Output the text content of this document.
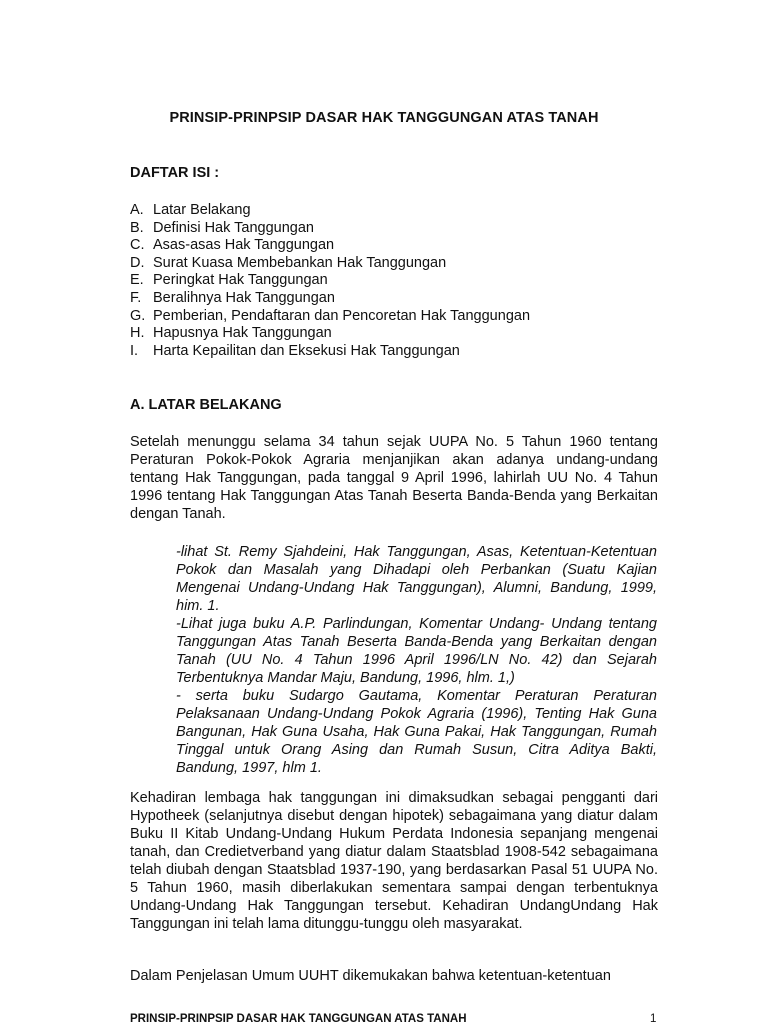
PRINSIP-PRINPSIP DASAR HAK TANGGUNGAN ATAS TANAH
DAFTAR ISI :
A. Latar Belakang
B. Definisi Hak Tanggungan
C. Asas-asas Hak Tanggungan
D. Surat Kuasa Membebankan Hak Tanggungan
E. Peringkat Hak Tanggungan
F. Beralihnya Hak Tanggungan
G. Pemberian, Pendaftaran dan Pencoretan Hak Tanggungan
H. Hapusnya Hak Tanggungan
I.	Harta Kepailitan dan Eksekusi Hak Tanggungan
A. LATAR BELAKANG

Setelah menunggu selama 34 tahun sejak UUPA No. 5 Tahun 1960 tentang Peraturan Pokok-Pokok Agraria menjanjikan akan adanya undang-undang tentang Hak Tanggungan, pada tanggal 9 April 1996, lahirlah UU No. 4 Tahun 1996 tentang Hak Tanggungan Atas Tanah Beserta Banda-Benda yang Berkaitan dengan Tanah.

-lihat St. Remy Sjahdeini, Hak Tanggungan, Asas, Ketentuan-Ketentuan Pokok dan Masalah yang Dihadapi oleh Perbankan (Suatu Kajian Mengenai Undang-Undang Hak Tanggungan), Alumni, Bandung, 1999, him. 1.

-Lihat juga buku A.P. Parlindungan, Komentar Undang- Undang tentang Tanggungan Atas Tanah Beserta Banda-Benda yang Berkaitan dengan Tanah (UU No. 4 Tahun 1996 April 1996/LN No. 42) dan Sejarah Terbentuknya Mandar Maju, Bandung, 1996, hlm. 1,)

- serta buku Sudargo Gautama, Komentar Peraturan Peraturan Pelaksanaan Undang-Undang Pokok Agraria (1996), Tenting Hak Guna Bangunan, Hak Guna Usaha, Hak Guna Pakai, Hak Tanggungan, Rumah Tinggal untuk Orang Asing dan Rumah Susun, Citra Aditya Bakti, Bandung, 1997, hlm 1.

Kehadiran lembaga hak tanggungan ini dimaksudkan sebagai pengganti dari Hypotheek (selanjutnya disebut dengan hipotek) sebagaimana yang diatur dalam Buku II Kitab Undang-Undang Hukum Perdata Indonesia sepanjang mengenai tanah, dan Credietverband yang diatur dalam Staatsblad 1908-542 sebagaimana telah diubah dengan Staatsblad 1937-190, yang berdasarkan Pasal 51 UUPA No. 5 Tahun 1960, masih diberlakukan sementara sampai dengan terbentuknya Undang-Undang Hak Tanggungan tersebut. Kehadiran UndangUndang Hak Tanggungan ini telah lama ditunggu-tunggu oleh masyarakat.

Dalam Penjelasan Umum UUHT dikemukakan bahwa ketentuan-ketentuan

PRINSIP-PRINPSIP DASAR HAK TANGGUNGAN ATAS TANAH	1
